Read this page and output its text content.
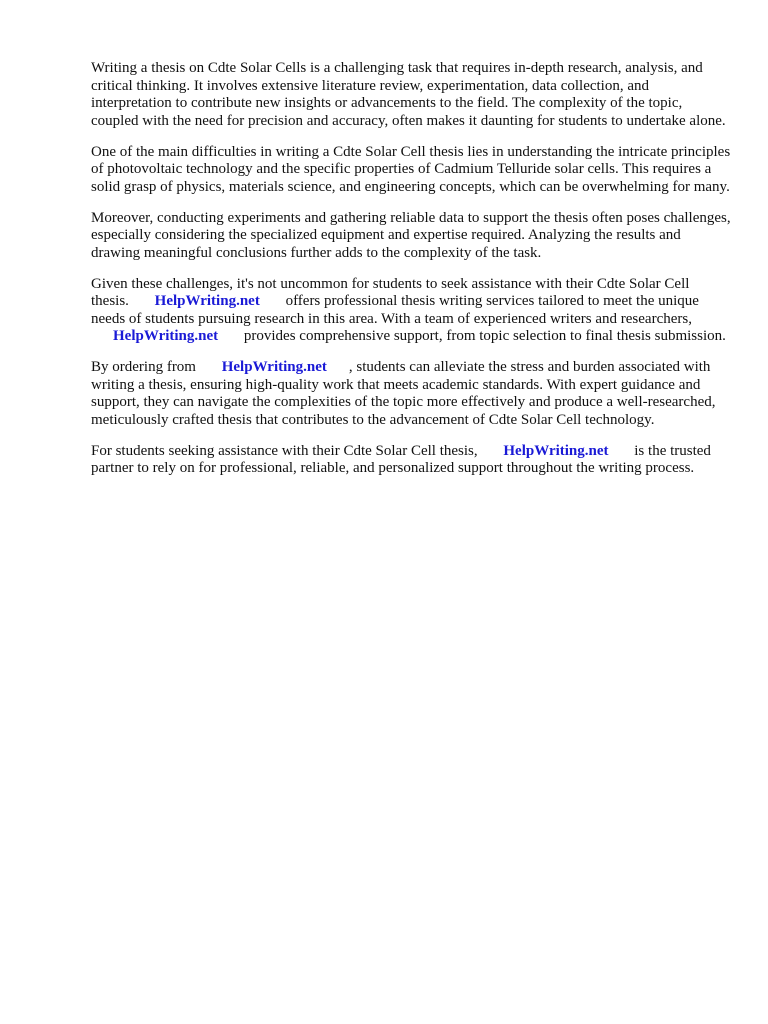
Writing a thesis on Cdte Solar Cells is a challenging task that requires in-depth research, analysis, and critical thinking. It involves extensive literature review, experimentation, data collection, and interpretation to contribute new insights or advancements to the field. The complexity of the topic, coupled with the need for precision and accuracy, often makes it daunting for students to undertake alone.

One of the main difficulties in writing a Cdte Solar Cell thesis lies in understanding the intricate principles of photovoltaic technology and the specific properties of Cadmium Telluride solar cells. This requires a solid grasp of physics, materials science, and engineering concepts, which can be overwhelming for many.

Moreover, conducting experiments and gathering reliable data to support the thesis often poses challenges, especially considering the specialized equipment and expertise required. Analyzing the results and drawing meaningful conclusions further adds to the complexity of the task.

Given these challenges, it's not uncommon for students to seek assistance with their Cdte Solar Cell thesis. HelpWriting.net offers professional thesis writing services tailored to meet the unique needs of students pursuing research in this area. With a team of experienced writers and researchers, HelpWriting.net provides comprehensive support, from topic selection to final thesis submission.

By ordering from HelpWriting.net , students can alleviate the stress and burden associated with writing a thesis, ensuring high-quality work that meets academic standards. With expert guidance and support, they can navigate the complexities of the topic more effectively and produce a well-researched, meticulously crafted thesis that contributes to the advancement of Cdte Solar Cell technology.

For students seeking assistance with their Cdte Solar Cell thesis, HelpWriting.net is the trusted partner to rely on for professional, reliable, and personalized support throughout the writing process.
